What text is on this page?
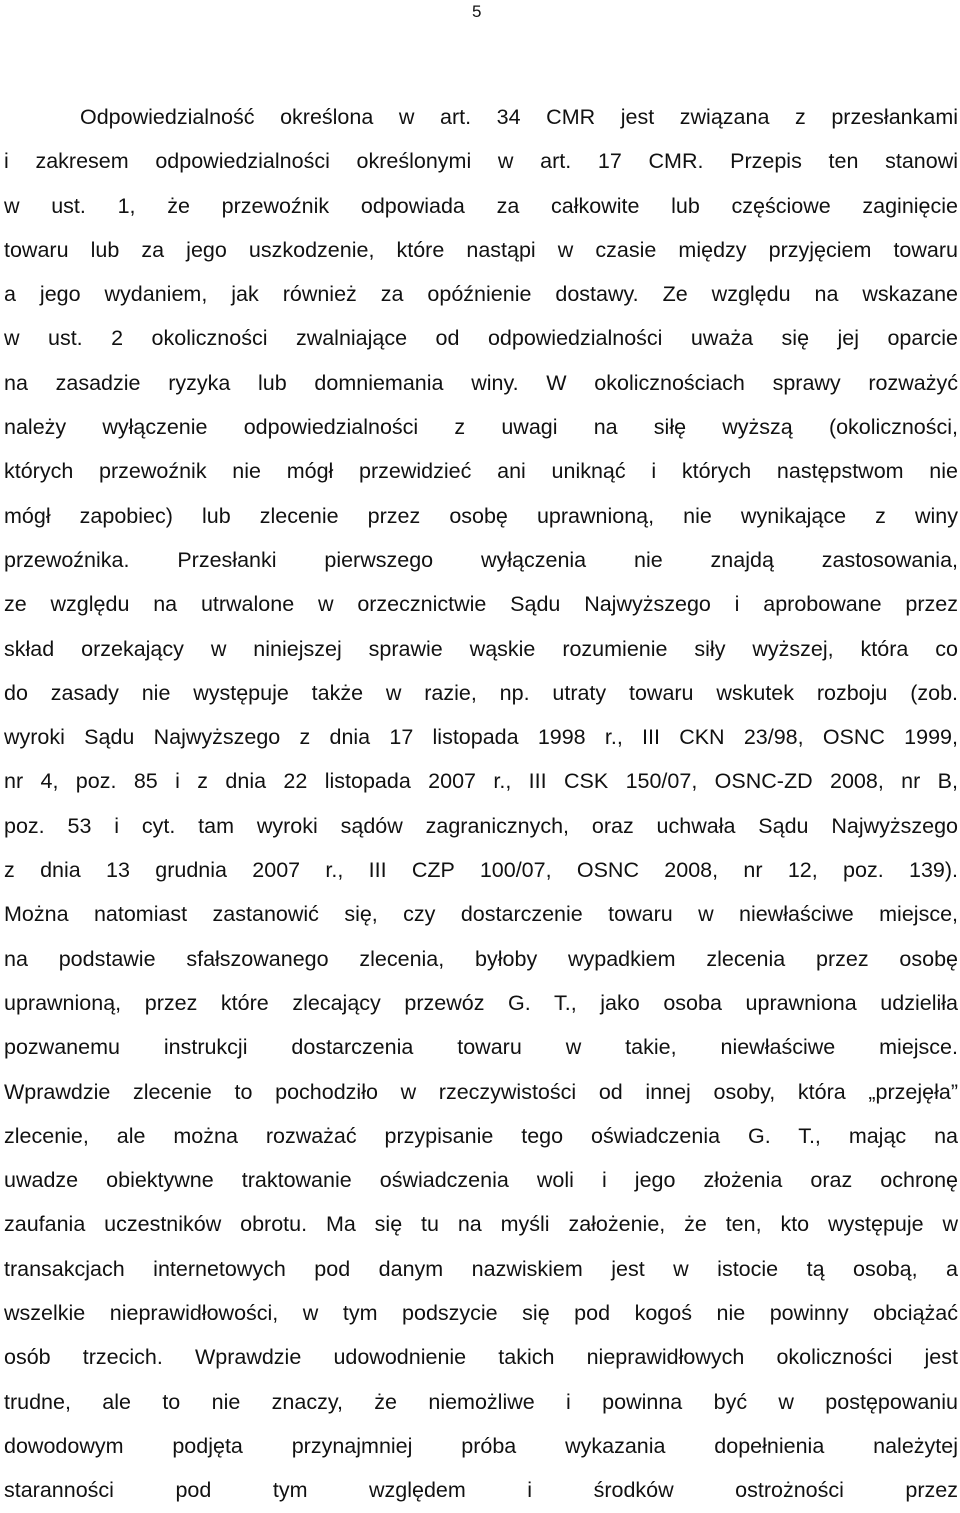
5
Odpowiedzialność określona w art. 34 CMR jest związana z przesłankami
i zakresem odpowiedzialności określonymi w art. 17 CMR. Przepis ten stanowi
w ust. 1, że przewoźnik odpowiada za całkowite lub częściowe zaginięcie
towaru lub za jego uszkodzenie, które nastąpi w czasie między przyjęciem towaru
a jego wydaniem, jak również za opóźnienie dostawy. Ze względu na wskazane
w ust. 2 okoliczności zwalniające od odpowiedzialności uważa się jej oparcie
na zasadzie ryzyka lub domniemania winy. W okolicznościach sprawy rozważyć
należy wyłączenie odpowiedzialności z uwagi na siłę wyższą (okoliczności,
których przewoźnik nie mógł przewidzieć ani uniknąć i których następstwom nie
mógł zapobiec) lub zlecenie przez osobę uprawnioną, nie wynikające z winy
przewoźnika. Przesłanki pierwszego wyłączenia nie znajdą zastosowania,
ze względu na utrwalone w orzecznictwie Sądu Najwyższego i aprobowane przez
skład orzekający w niniejszej sprawie wąskie rozumienie siły wyższej, która co
do zasady nie występuje także w razie, np. utraty towaru wskutek rozboju (zob.
wyroki Sądu Najwyższego z dnia 17 listopada 1998 r., III CKN 23/98, OSNC 1999,
nr 4, poz. 85 i z dnia 22 listopada 2007 r., III CSK 150/07, OSNC-ZD 2008, nr B,
poz. 53 i cyt. tam wyroki sądów zagranicznych, oraz uchwała Sądu Najwyższego
z dnia 13 grudnia 2007 r., III CZP 100/07, OSNC 2008, nr 12, poz. 139).
Można natomiast zastanowić się, czy dostarczenie towaru w niewłaściwe miejsce,
na podstawie sfałszowanego zlecenia, byłoby wypadkiem zlecenia przez osobę
uprawnioną, przez które zlecający przewóz G. T., jako osoba uprawniona udzieliła
pozwanemu instrukcji dostarczenia towaru w takie, niewłaściwe miejsce.
Wprawdzie zlecenie to pochodziło w rzeczywistości od innej osoby, która „przejęła”
zlecenie, ale można rozważać przypisanie tego oświadczenia G. T., mając na
uwadze obiektywne traktowanie oświadczenia woli i jego złożenia oraz ochronę
zaufania uczestników obrotu. Ma się tu na myśli założenie, że ten, kto występuje w
transakcjach internetowych pod danym nazwiskiem jest w istocie tą osobą, a
wszelkie nieprawidłowości, w tym podszycie się pod kogoś nie powinny obciążać
osób trzecich. Wprawdzie udowodnienie takich nieprawidłowych okoliczności jest
trudne, ale to nie znaczy, że niemożliwe i powinna być w postępowaniu
dowodowym podjęta przynajmniej próba wykazania dopełnienia należytej
staranności pod tym względem i środków ostrożności przez
